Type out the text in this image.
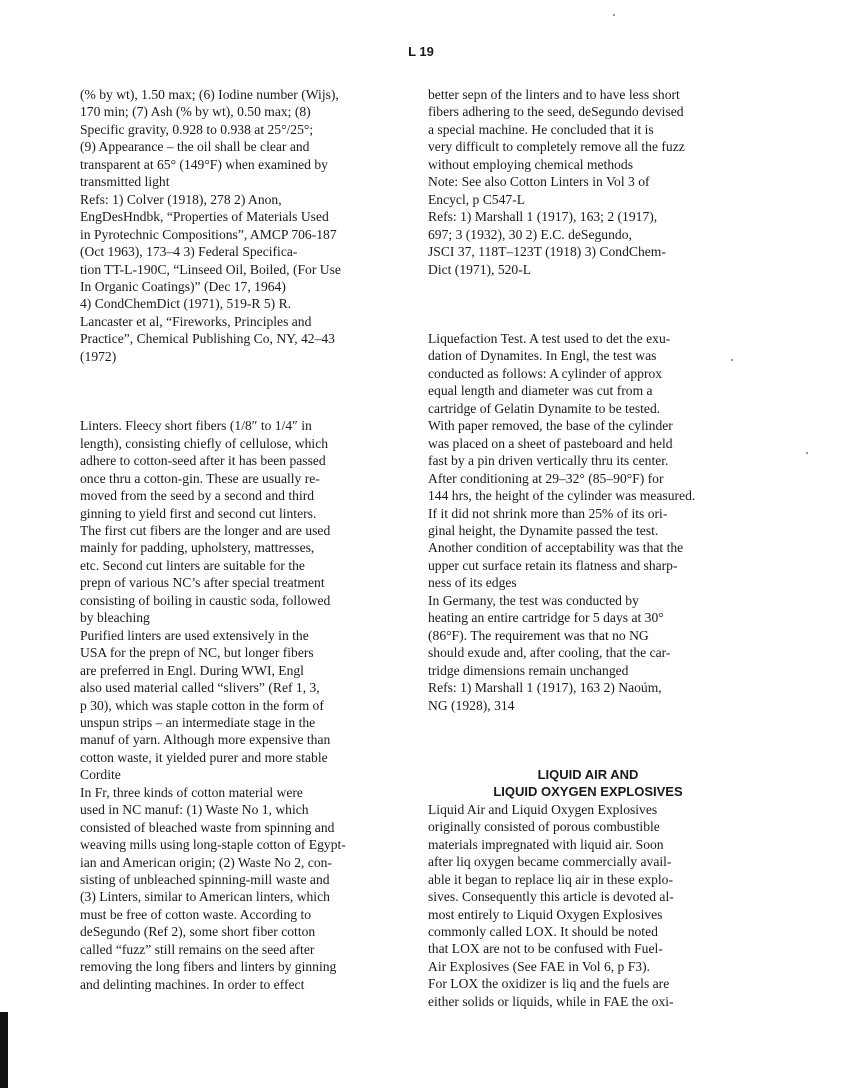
L 19
(% by wt), 1.50 max; (6) Iodine number (Wijs),
170 min; (7) Ash (% by wt), 0.50 max; (8)
Specific gravity, 0.928 to 0.938 at 25°/25°;
(9) Appearance – the oil shall be clear and
transparent at 65° (149°F) when examined by
transmitted light
Refs: 1) Colver (1918), 278 2) Anon,
EngDesHndbk, “Properties of Materials Used
in Pyrotechnic Compositions”, AMCP 706-187
(Oct 1963), 173–4 3) Federal Specifica-
tion TT-L-190C, “Linseed Oil, Boiled, (For Use
In Organic Coatings)” (Dec 17, 1964)
4) CondChemDict (1971), 519-R 5) R.
Lancaster et al, “Fireworks, Principles and
Practice”, Chemical Publishing Co, NY, 42–43
(1972)
Linters. Fleecy short fibers (1/8″ to 1/4″ in
length), consisting chiefly of cellulose, which
adhere to cotton-seed after it has been passed
once thru a cotton-gin. These are usually re-
moved from the seed by a second and third
ginning to yield first and second cut linters.
The first cut fibers are the longer and are used
mainly for padding, upholstery, mattresses,
etc. Second cut linters are suitable for the
prepn of various NC’s after special treatment
consisting of boiling in caustic soda, followed
by bleaching
Purified linters are used extensively in the
USA for the prepn of NC, but longer fibers
are preferred in Engl. During WWI, Engl
also used material called “slivers” (Ref 1, 3,
p 30), which was staple cotton in the form of
unspun strips – an intermediate stage in the
manuf of yarn. Although more expensive than
cotton waste, it yielded purer and more stable
Cordite
In Fr, three kinds of cotton material were
used in NC manuf: (1) Waste No 1, which
consisted of bleached waste from spinning and
weaving mills using long-staple cotton of Egypt-
ian and American origin; (2) Waste No 2, con-
sisting of unbleached spinning-mill waste and
(3) Linters, similar to American linters, which
must be free of cotton waste. According to
deSegundo (Ref 2), some short fiber cotton
called “fuzz” still remains on the seed after
removing the long fibers and linters by ginning
and delinting machines. In order to effect
better sepn of the linters and to have less short
fibers adhering to the seed, deSegundo devised
a special machine. He concluded that it is
very difficult to completely remove all the fuzz
without employing chemical methods
Note: See also Cotton Linters in Vol 3 of
Encycl, p C547-L
Refs: 1) Marshall 1 (1917), 163; 2 (1917),
697; 3 (1932), 30 2) E.C. deSegundo,
JSCI 37, 118T–123T (1918) 3) CondChem-
Dict (1971), 520-L
Liquefaction Test. A test used to det the exu-
dation of Dynamites. In Engl, the test was
conducted as follows: A cylinder of approx
equal length and diameter was cut from a
cartridge of Gelatin Dynamite to be tested.
With paper removed, the base of the cylinder
was placed on a sheet of pasteboard and held
fast by a pin driven vertically thru its center.
After conditioning at 29–32° (85–90°F) for
144 hrs, the height of the cylinder was measured.
If it did not shrink more than 25% of its ori-
ginal height, the Dynamite passed the test.
Another condition of acceptability was that the
upper cut surface retain its flatness and sharp-
ness of its edges
In Germany, the test was conducted by
heating an entire cartridge for 5 days at 30°
(86°F). The requirement was that no NG
should exude and, after cooling, that the car-
tridge dimensions remain unchanged
Refs: 1) Marshall 1 (1917), 163 2) Naoúm,
NG (1928), 314
LIQUID AIR AND
LIQUID OXYGEN EXPLOSIVES
Liquid Air and Liquid Oxygen Explosives
originally consisted of porous combustible
materials impregnated with liquid air. Soon
after liq oxygen became commercially avail-
able it began to replace liq air in these explo-
sives. Consequently this article is devoted al-
most entirely to Liquid Oxygen Explosives
commonly called LOX. It should be noted
that LOX are not to be confused with Fuel-
Air Explosives (See FAE in Vol 6, p F3).
For LOX the oxidizer is liq and the fuels are
either solids or liquids, while in FAE the oxi-
